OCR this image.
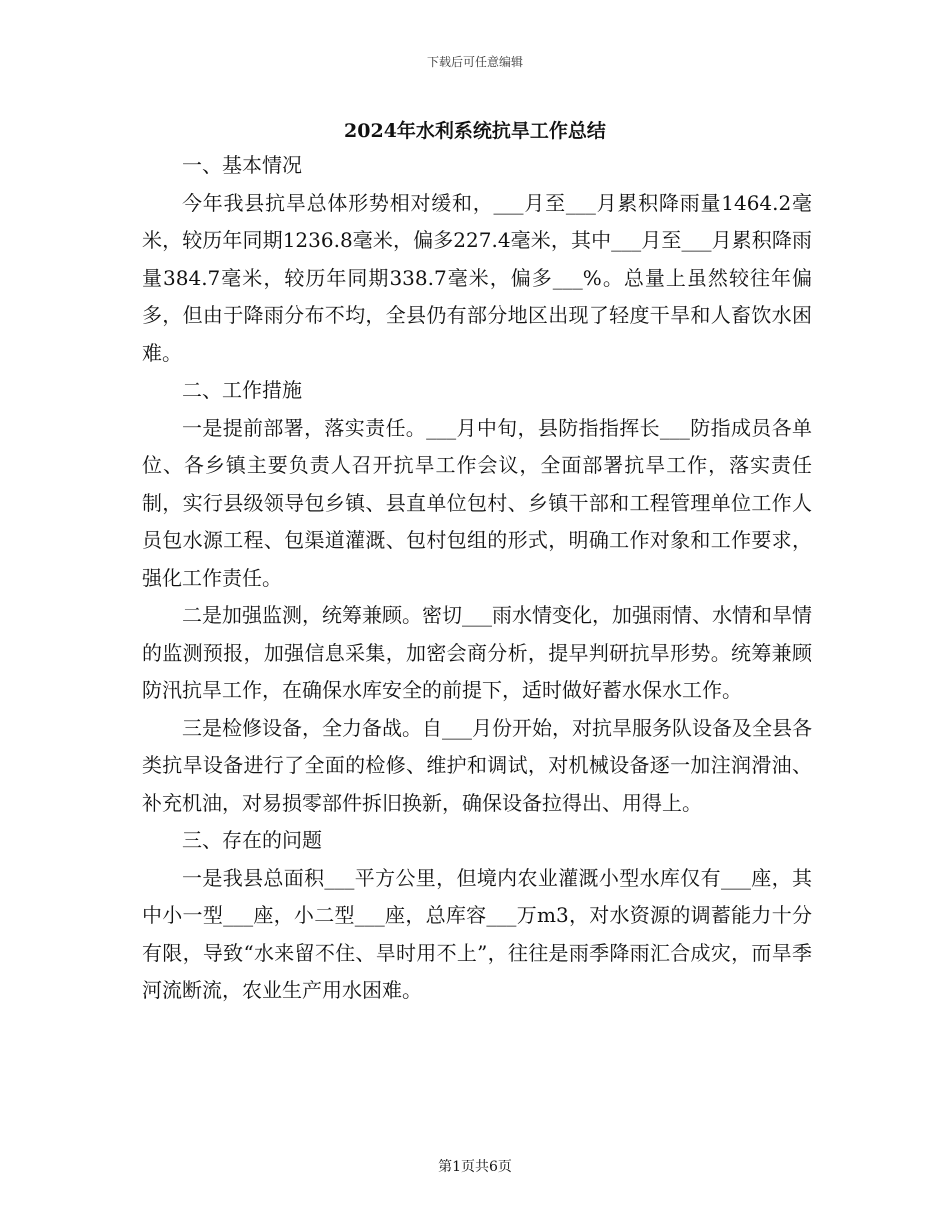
下载后可任意编辑
2024年水利系统抗旱工作总结

一、基本情况

今年我县抗旱总体形势相对缓和，___月至___月累积降雨量1464.2毫米，较历年同期1236.8毫米，偏多227.4毫米，其中___月至___月累积降雨量384.7毫米，较历年同期338.7毫米，偏多___%。总量上虽然较往年偏多，但由于降雨分布不均，全县仍有部分地区出现了轻度干旱和人畜饮水困难。

二、工作措施

一是提前部署，落实责任。___月中旬，县防指指挥长___防指成员各单位、各乡镇主要负责人召开抗旱工作会议，全面部署抗旱工作，落实责任制，实行县级领导包乡镇、县直单位包村、乡镇干部和工程管理单位工作人员包水源工程、包渠道灌溉、包村包组的形式，明确工作对象和工作要求，强化工作责任。

二是加强监测，统筹兼顾。密切___雨水情变化，加强雨情、水情和旱情的监测预报，加强信息采集，加密会商分析，提早判研抗旱形势。统筹兼顾防汛抗旱工作，在确保水库安全的前提下，适时做好蓄水保水工作。

三是检修设备，全力备战。自___月份开始，对抗旱服务队设备及全县各类抗旱设备进行了全面的检修、维护和调试，对机械设备逐一加注润滑油、补充机油，对易损零部件拆旧换新，确保设备拉得出、用得上。

三、存在的问题

一是我县总面积___平方公里，但境内农业灌溉小型水库仅有___座，其中小一型___座，小二型___座，总库容___万m3，对水资源的调蓄能力十分有限，导致“水来留不住、旱时用不上”，往往是雨季降雨汇合成灾，而旱季河流断流，农业生产用水困难。

第1页共6页
